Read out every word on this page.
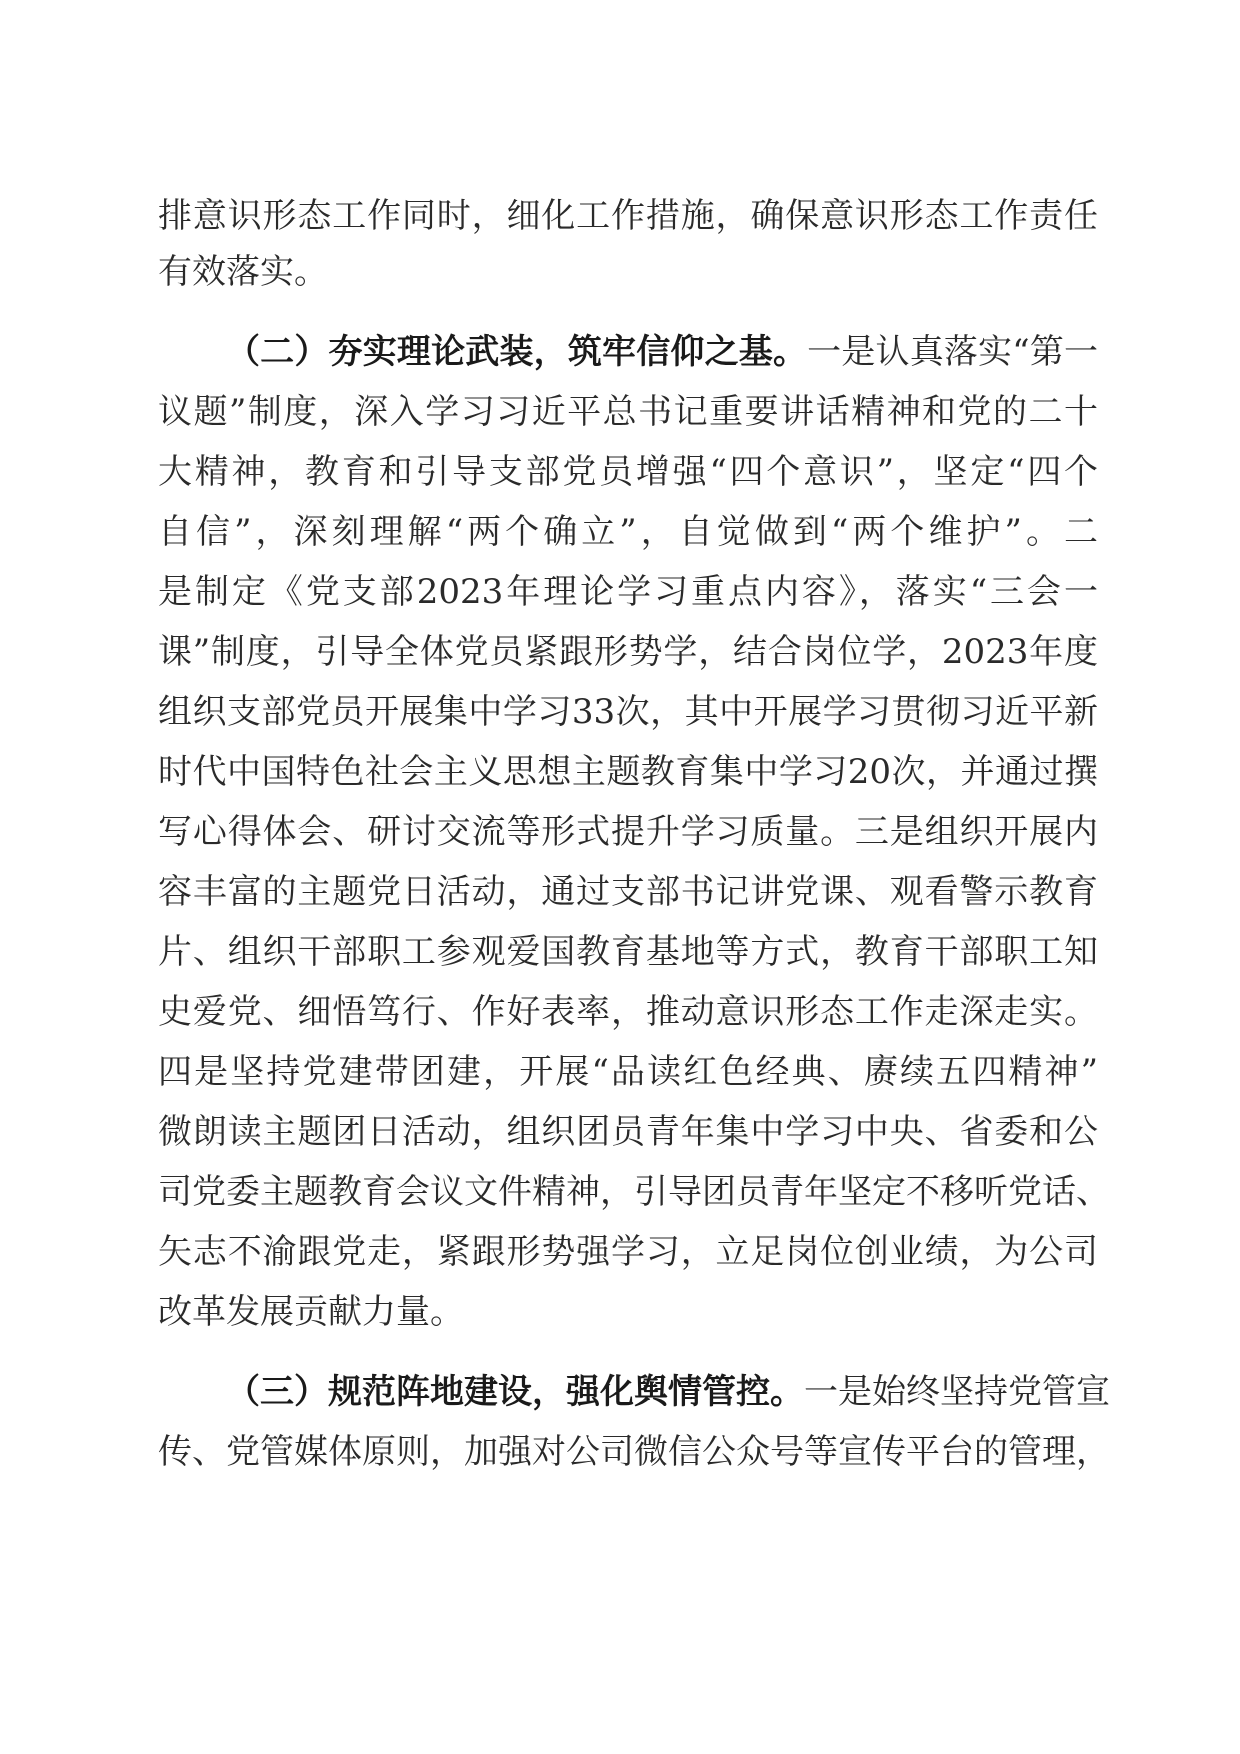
排意识形态工作同时，细化工作措施，确保意识形态工作责任
有效落实。
（二）夯实理论武装，筑牢信仰之基。一是认真落实“第一
议题”制度，深入学习习近平总书记重要讲话精神和党的二十
大精神，教育和引导支部党员增强“四个意识”，坚定“四个
自信”，深刻理解“两个确立”，自觉做到“两个维护”。二
是制定《党支部2023年理论学习重点内容》，落实“三会一
课”制度，引导全体党员紧跟形势学，结合岗位学，2023年度
组织支部党员开展集中学习33次，其中开展学习贯彻习近平新
时代中国特色社会主义思想主题教育集中学习20次，并通过撰
写心得体会、研讨交流等形式提升学习质量。三是组织开展内
容丰富的主题党日活动，通过支部书记讲党课、观看警示教育
片、组织干部职工参观爱国教育基地等方式，教育干部职工知
史爱党、细悟笃行、作好表率，推动意识形态工作走深走实。
四是坚持党建带团建，开展“品读红色经典、赓续五四精神”
微朗读主题团日活动，组织团员青年集中学习中央、省委和公
司党委主题教育会议文件精神，引导团员青年坚定不移听党话、
矢志不渝跟党走，紧跟形势强学习，立足岗位创业绩，为公司
改革发展贡献力量。
（三）规范阵地建设，强化舆情管控。一是始终坚持党管宣
传、党管媒体原则，加强对公司微信公众号等宣传平台的管理，
